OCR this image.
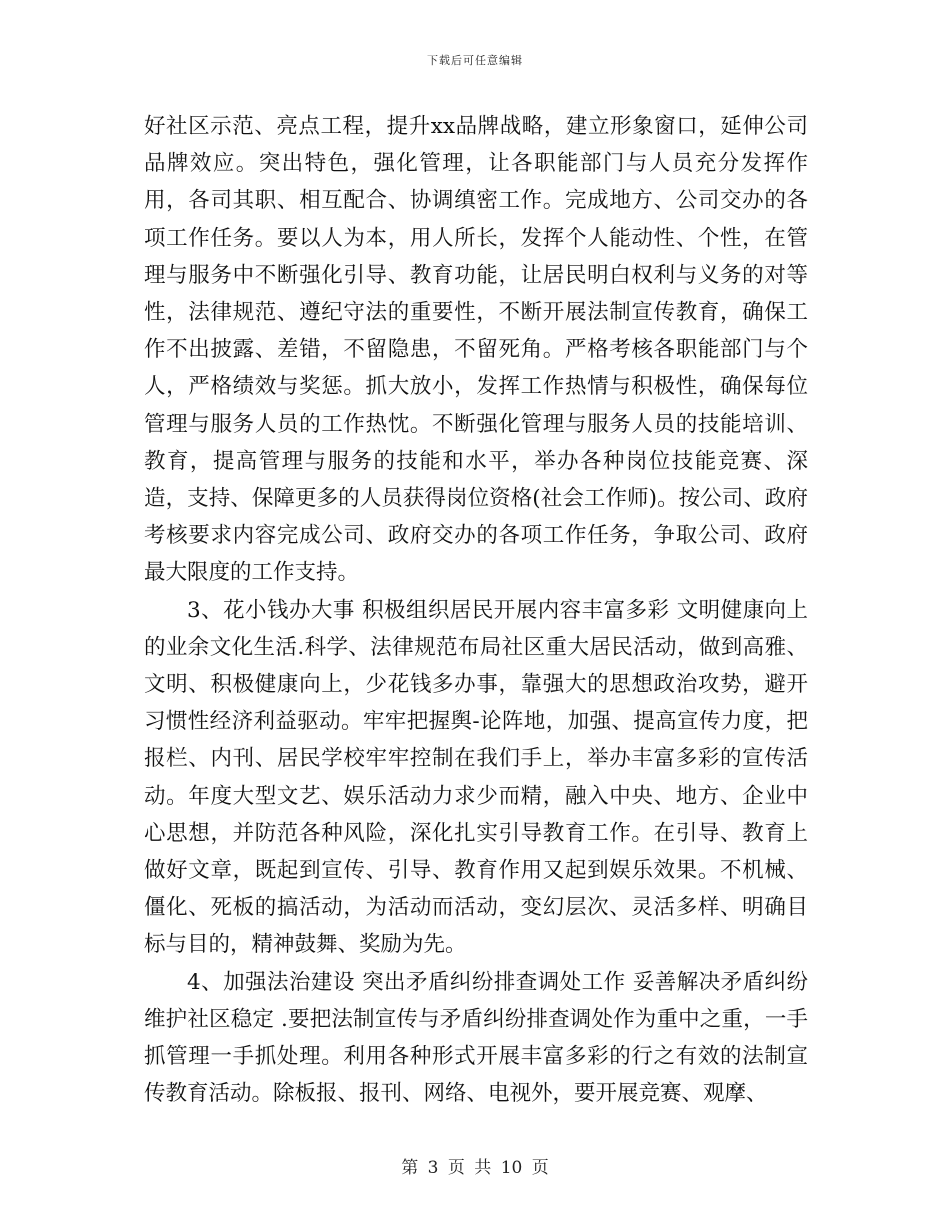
下载后可任意编辑

好社区示范、亮点工程，提升xx品牌战略，建立形象窗口，延伸公司品牌效应。突出特色，强化管理，让各职能部门与人员充分发挥作用，各司其职、相互配合、协调缜密工作。完成地方、公司交办的各项工作任务。要以人为本，用人所长，发挥个人能动性、个性，在管理与服务中不断强化引导、教育功能，让居民明白权利与义务的对等性，法律规范、遵纪守法的重要性，不断开展法制宣传教育，确保工作不出披露、差错，不留隐患，不留死角。严格考核各职能部门与个人，严格绩效与奖惩。抓大放小，发挥工作热情与积极性，确保每位管理与服务人员的工作热忱。不断强化管理与服务人员的技能培训、教育，提高管理与服务的技能和水平，举办各种岗位技能竞赛、深造，支持、保障更多的人员获得岗位资格(社会工作师)。按公司、政府考核要求内容完成公司、政府交办的各项工作任务，争取公司、政府最大限度的工作支持。

3、花小钱办大事 积极组织居民开展内容丰富多彩 文明健康向上的业余文化生活.科学、法律规范布局社区重大居民活动，做到高雅、文明、积极健康向上，少花钱多办事，靠强大的思想政治攻势，避开习惯性经济利益驱动。牢牢把握舆-论阵地，加强、提高宣传力度，把报栏、内刊、居民学校牢牢控制在我们手上，举办丰富多彩的宣传活动。年度大型文艺、娱乐活动力求少而精，融入中央、地方、企业中心思想，并防范各种风险，深化扎实引导教育工作。在引导、教育上做好文章，既起到宣传、引导、教育作用又起到娱乐效果。不机械、僵化、死板的搞活动，为活动而活动，变幻层次、灵活多样、明确目标与目的，精神鼓舞、奖励为先。

4、加强法治建设 突出矛盾纠纷排查调处工作 妥善解决矛盾纠纷维护社区稳定 .要把法制宣传与矛盾纠纷排查调处作为重中之重，一手抓管理一手抓处理。利用各种形式开展丰富多彩的行之有效的法制宣传教育活动。除板报、报刊、网络、电视外，要开展竞赛、观摩、

第 3 页 共 10 页
